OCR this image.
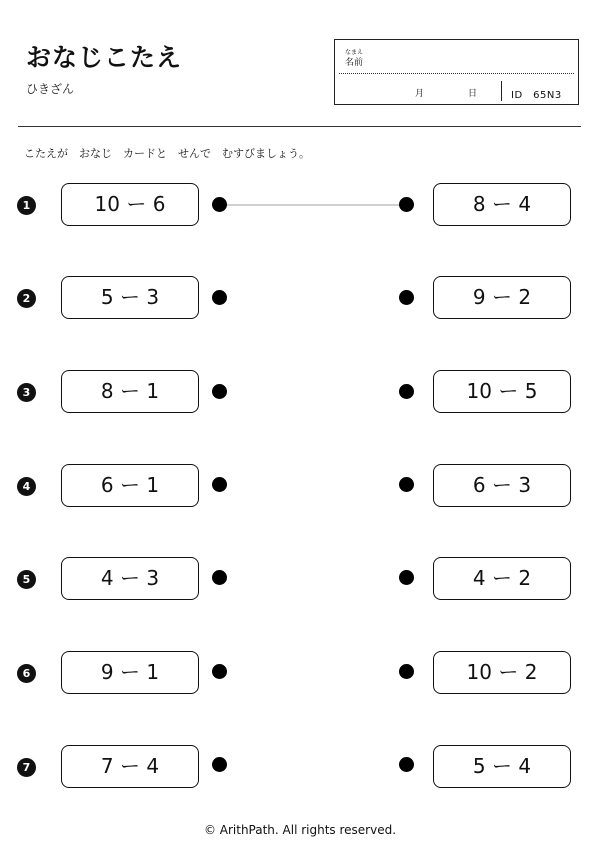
おなじこたえ
ひきざん
なまえ
名前
月	日	ID　65N3
こたえが　おなじ　カードと　せんで　むすびましょう。
1	10 ー 6	8 ー 4
2	5 ー 3	9 ー 2
3	8 ー 1	10 ー 5
4	6 ー 1	6 ー 3
5	4 ー 3	4 ー 2
6	9 ー 1	10 ー 2
7	7 ー 4	5 ー 4
© ArithPath. All rights reserved.
